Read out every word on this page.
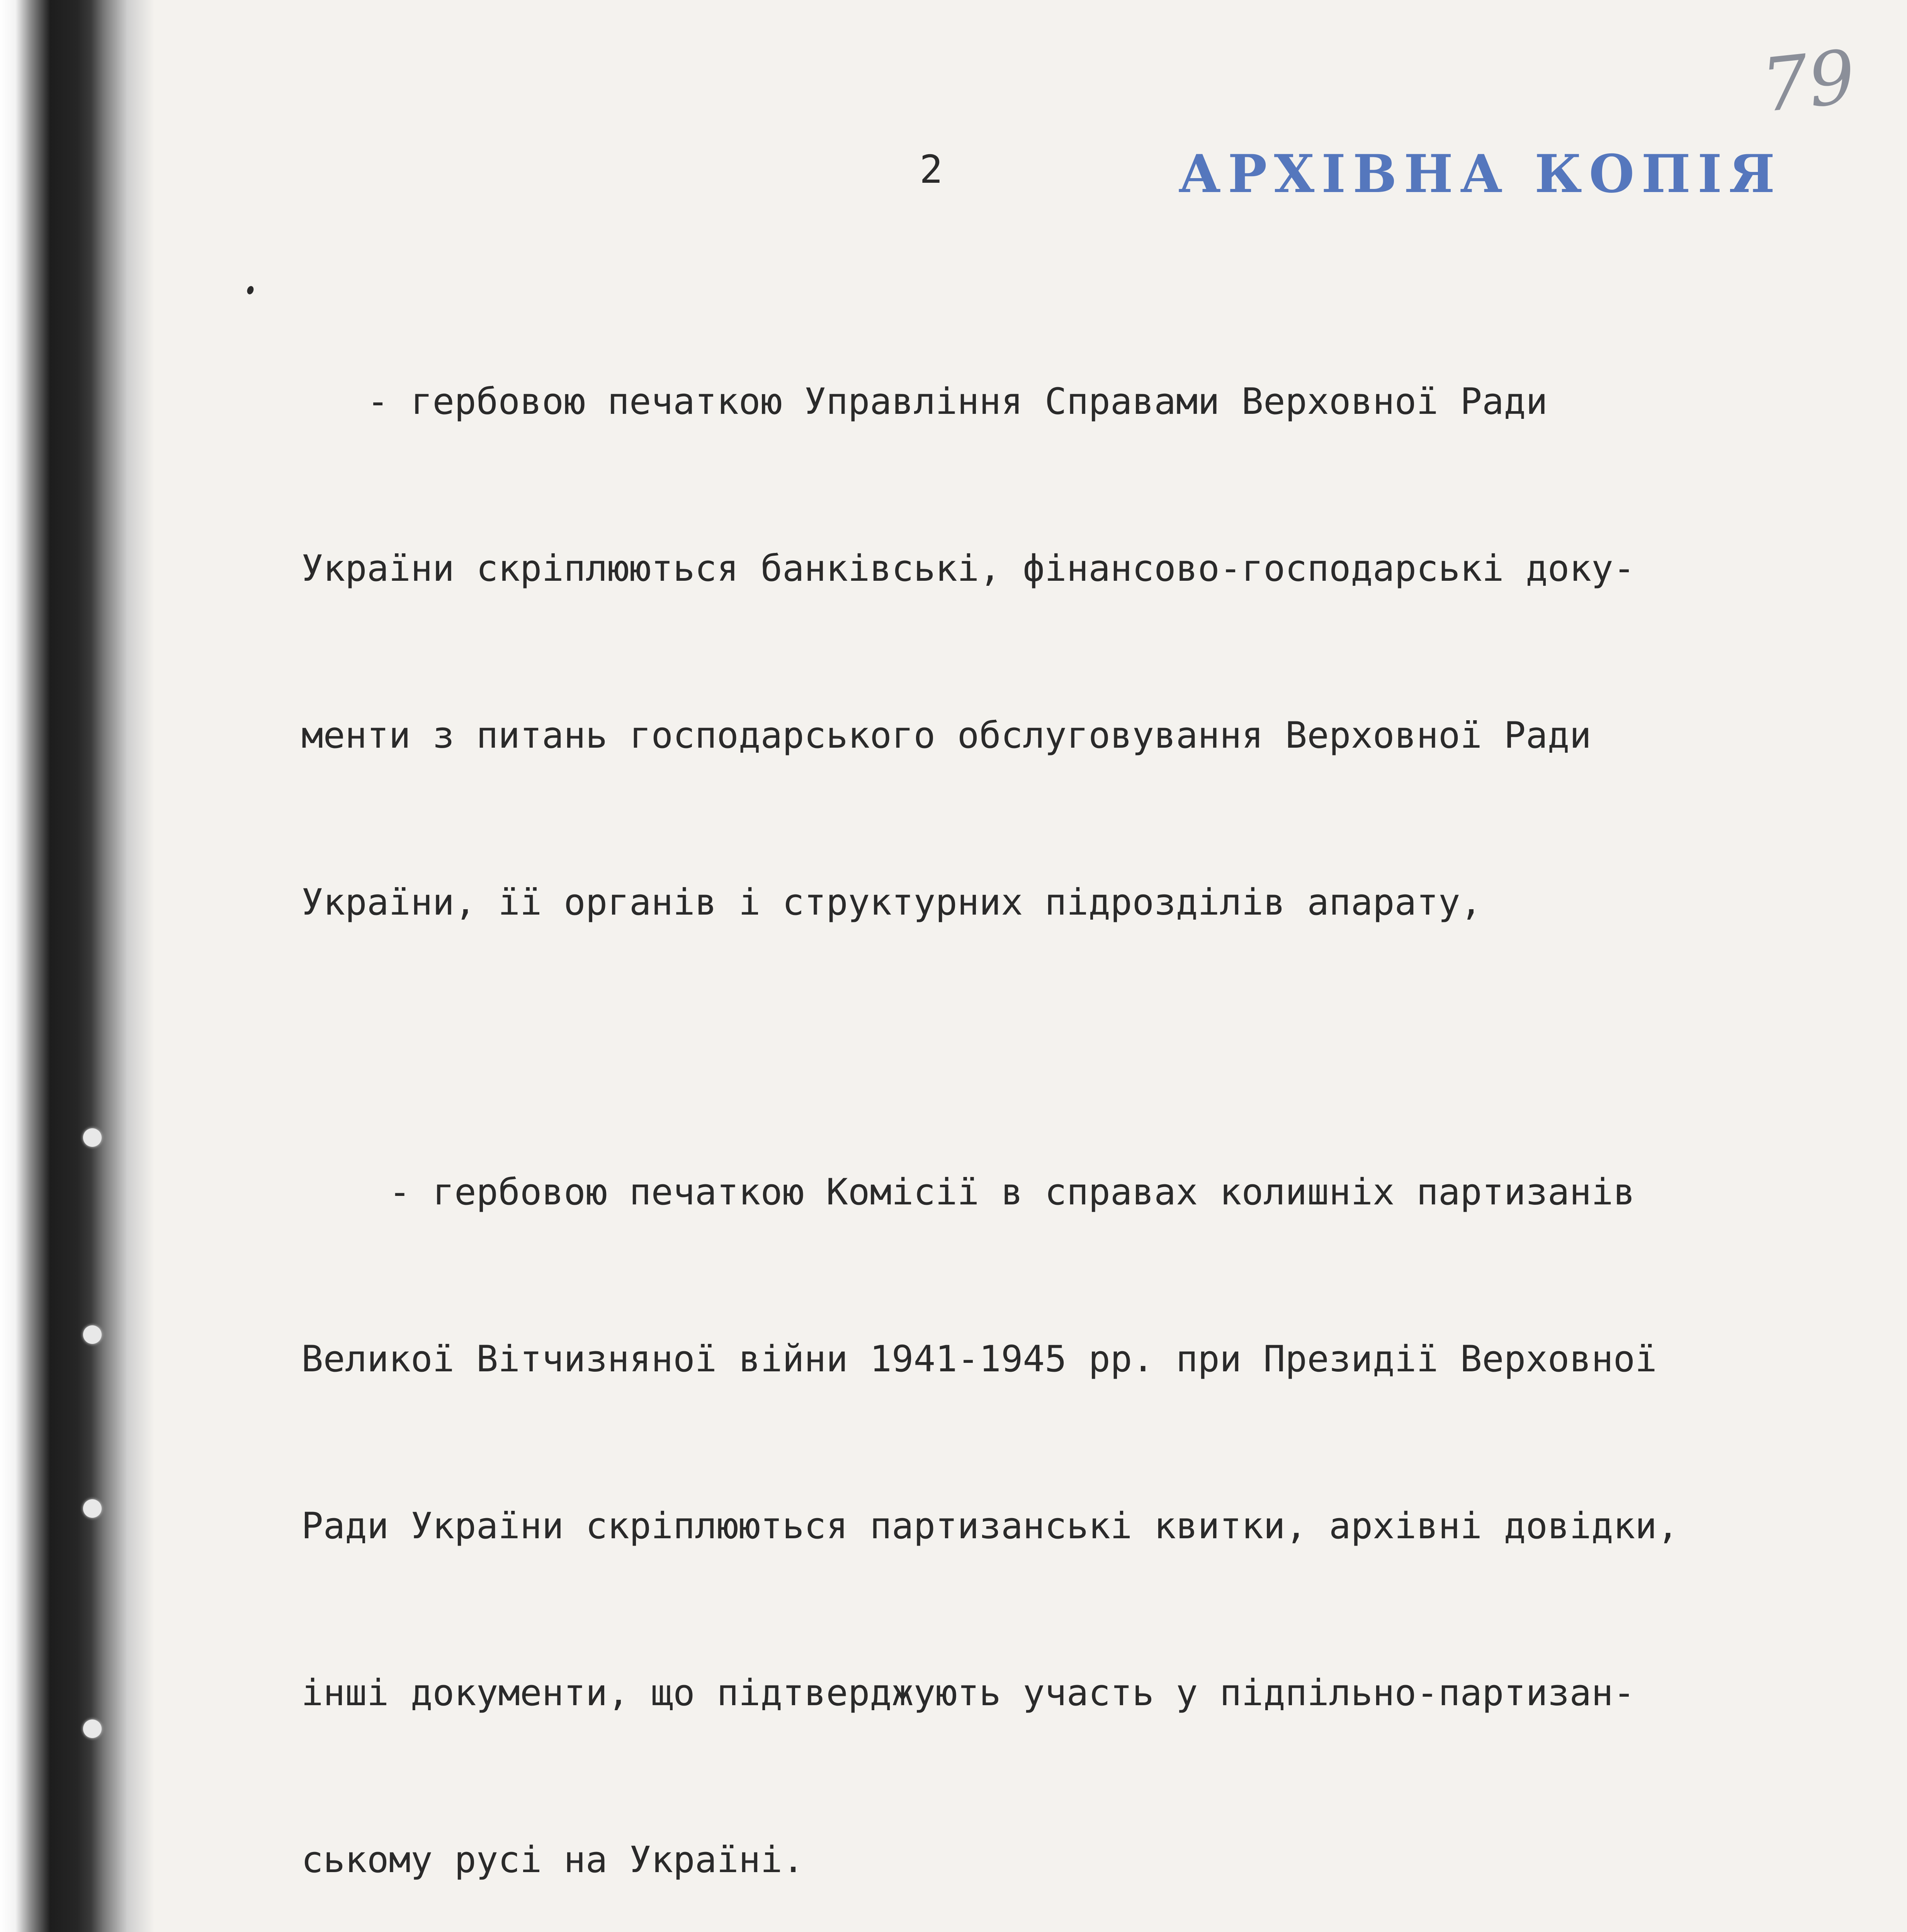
2
79
АРХІВНА КОПІЯ

- гербовою печаткою Управління Справами Верховної Ради

України скріплюються банківські, фінансово-господарські доку-

менти з питань господарського обслуговування Верховної Ради

України, її органів і структурних підрозділів апарату,

- гербовою печаткою Комісії в справах колишніх партизанів

Великої Вітчизняної війни 1941-1945 рр. при Президії Верховної

Ради України скріплюються партизанські квитки, архівні довідки,

інші документи, що підтверджують участь у підпільно-партизан-

ському русі на Україні.
